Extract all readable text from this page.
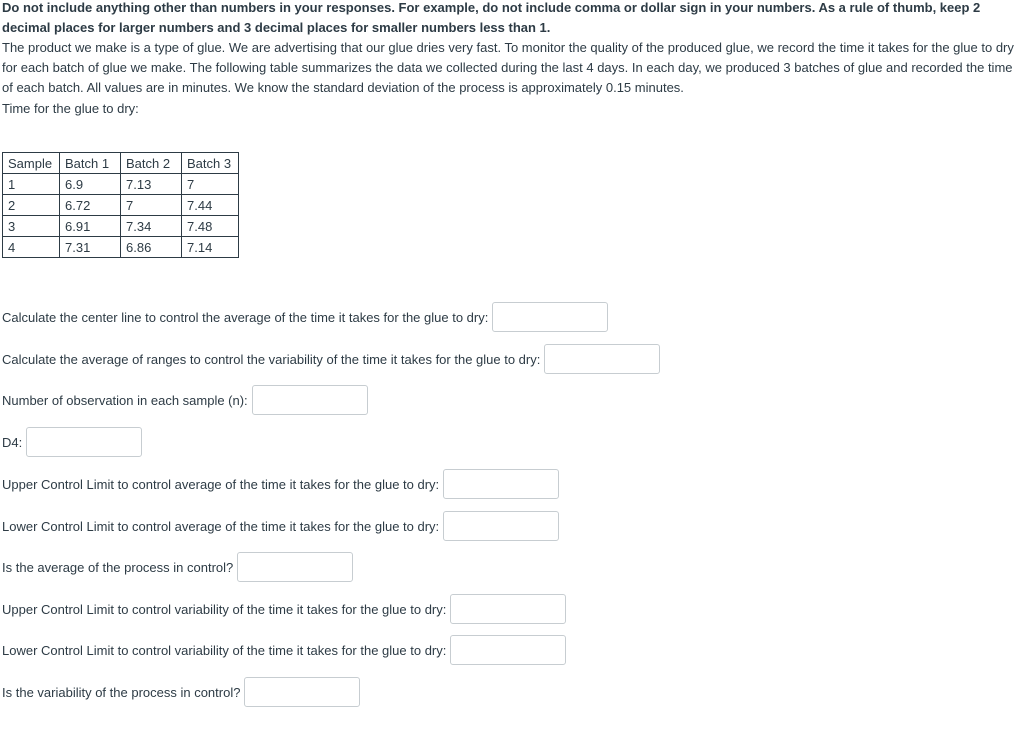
Do not include anything other than numbers in your responses. For example, do not include comma or dollar sign in your numbers. As a rule of thumb, keep 2 decimal places for larger numbers and 3 decimal places for smaller numbers less than 1.

The product we make is a type of glue. We are advertising that our glue dries very fast. To monitor the quality of the produced glue, we record the time it takes for the glue to dry for each batch of glue we make. The following table summarizes the data we collected during the last 4 days. In each day, we produced 3 batches of glue and recorded the time of each batch. All values are in minutes. We know the standard deviation of the process is approximately 0.15 minutes.

Time for the glue to dry:

Sample	Batch 1	Batch 2	Batch 3
1	6.9	7.13	7
2	6.72	7	7.44
3	6.91	7.34	7.48
4	7.31	6.86	7.14
Calculate the center line to control the average of the time it takes for the glue to dry:
Calculate the average of ranges to control the variability of the time it takes for the glue to dry:
Number of observation in each sample (n):
D4:
Upper Control Limit to control average of the time it takes for the glue to dry:
Lower Control Limit to control average of the time it takes for the glue to dry:
Is the average of the process in control?
Upper Control Limit to control variability of the time it takes for the glue to dry:
Lower Control Limit to control variability of the time it takes for the glue to dry:
Is the variability of the process in control?
